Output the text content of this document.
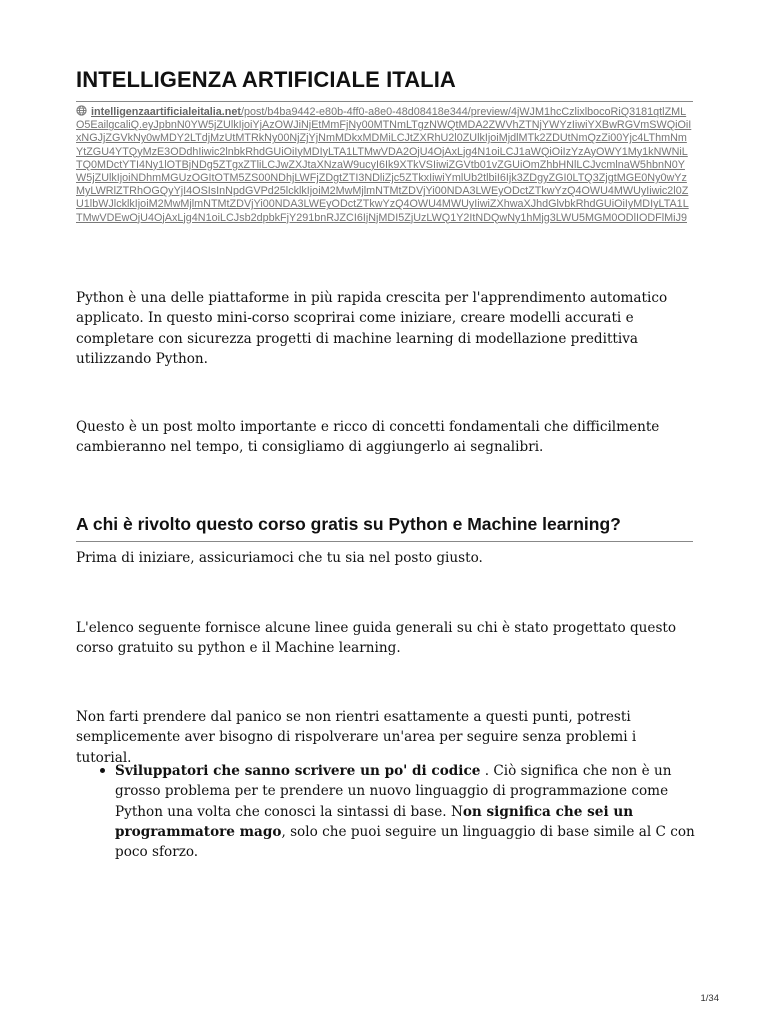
INTELLIGENZA ARTIFICIALE ITALIA
intelligenzaartificialeitalia.net/post/b4ba9442-e80b-4ff0-a8e0-48d08418e344/preview/4jWJM1hcCzlixlbocoRiQ3181qtlZMLO5EailgcaliQ.eyJpbnN0YW5jZUlkIjoiYjAzOWJiNjEtMmFjNy00MTNmLTgzNWQtMDA2ZWVhZTNjYWYzIiwiYXBwRGVmSWQiOiIxNGJjZGVkNy0wMDY2LTdjMzUtMTRkNy00NjZjYjNmMDkxMDMiLCJtZXRhU2l0ZUlkIjoiMjdlMTk2ZDUtNmQzZi00Yjc4LThmNmYtZGU4YTQyMzE3ODdhIiwic2lnbkRhdGUiOiIyMDIyLTA1LTMwVDA2OjU4OjAxLjg4N1oiLCJ1aWQiOiIzYzAyOWY1My1kNWNiLTQ0MDctYTI4Ny1lOTBjNDg5ZTgxZTliLCJwZXJtaXNzaW9ucyI6Ik9XTkVSIiwiZGVtb01vZGUiOmZhbHNlLCJvcmlnaW5hbnN0YW5jZUlkIjoiNDhmMGUzOGItOTM5ZS00NDhjLWFjZDgtZTI3NDliZjc5ZTkxIiwiYmlUb2tlbiI6Ijk3ZDgyZGI0LTQ3ZjgtMGE0Ny0wYzMyLWRlZTRhOGQyYjI4OSIsInNpdGVPd25lcklkIjoiM2MwMjlmNTMtZDVjYi00NDA3LWEyODctZTkwYzQ4OWU4MWUyIiwic2l0ZU1lbWJlcklkIjoiM2MwMjlmNTMtZDVjYi00NDA3LWEyODctZTkwYzQ4OWU4MWUyIiwiZXhwaXJhdGlvbkRhdGUiOiIyMDIyLTA1LTMwVDEwOjU4OjAxLjg4N1oiLCJsb2dpbkFjY291bnRJZCI6IjNjMDI5ZjUzLWQ1Y2ItNDQwNy1hMjg3LWU5MGM0ODlIODFlMiJ9

Python è una delle piattaforme in più rapida crescita per l'apprendimento automatico applicato. In questo mini-corso scoprirai come iniziare, creare modelli accurati e completare con sicurezza progetti di machine learning di modellazione predittiva utilizzando Python.

Questo è un post molto importante e ricco di concetti fondamentali che difficilmente cambieranno nel tempo, ti consigliamo di aggiungerlo ai segnalibri.

A chi è rivolto questo corso gratis su Python e Machine learning?

Prima di iniziare, assicuriamoci che tu sia nel posto giusto.

L'elenco seguente fornisce alcune linee guida generali su chi è stato progettato questo corso gratuito su python e il Machine learning.

Non farti prendere dal panico se non rientri esattamente a questi punti, potresti semplicemente aver bisogno di rispolverare un'area per seguire senza problemi i tutorial.

Sviluppatori che sanno scrivere un po' di codice . Ciò significa che non è un grosso problema per te prendere un nuovo linguaggio di programmazione come Python una volta che conosci la sintassi di base. Non significa che sei un programmatore mago, solo che puoi seguire un linguaggio di base simile al C con poco sforzo.
1/34
